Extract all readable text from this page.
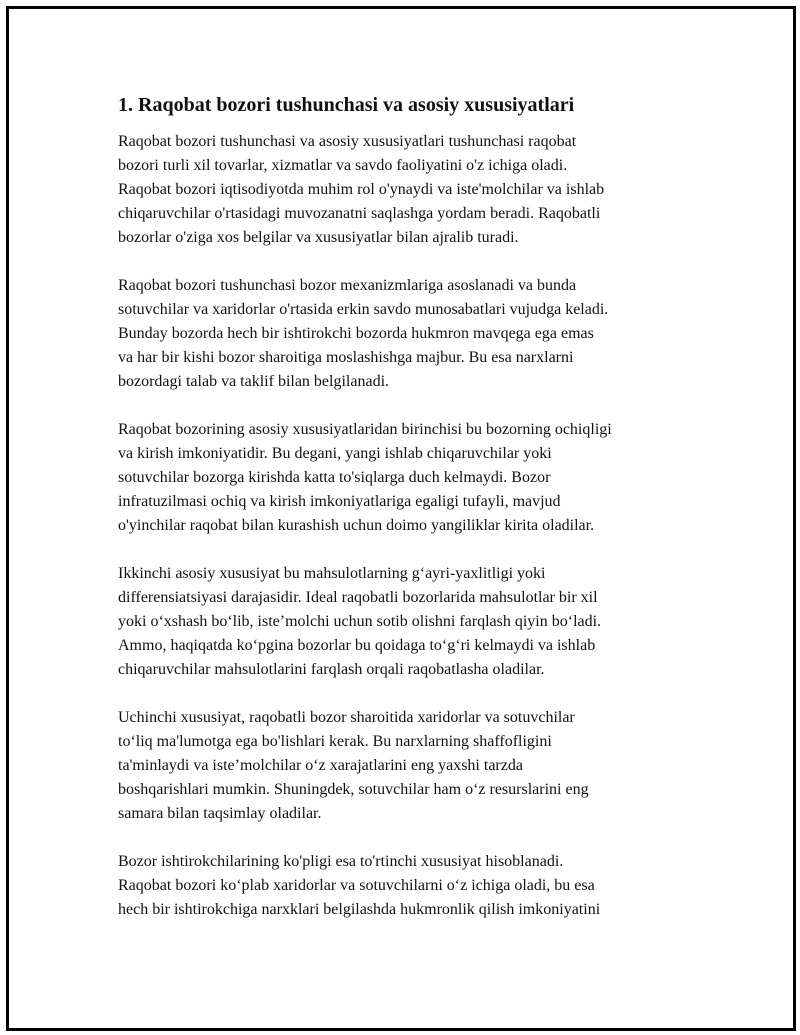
1. Raqobat bozori tushunchasi va asosiy xususiyatlari
Raqobat bozori tushunchasi va asosiy xususiyatlari tushunchasi raqobat
bozori turli xil tovarlar, xizmatlar va savdo faoliyatini o'z ichiga oladi.
Raqobat bozori iqtisodiyotda muhim rol o'ynaydi va iste'molchilar va ishlab
chiqaruvchilar o'rtasidagi muvozanatni saqlashga yordam beradi. Raqobatli
bozorlar o'ziga xos belgilar va xususiyatlar bilan ajralib turadi.
Raqobat bozori tushunchasi bozor mexanizmlariga asoslanadi va bunda
sotuvchilar va xaridorlar o'rtasida erkin savdo munosabatlari vujudga keladi.
Bunday bozorda hech bir ishtirokchi bozorda hukmron mavqega ega emas
va har bir kishi bozor sharoitiga moslashishga majbur. Bu esa narxlarni
bozordagi talab va taklif bilan belgilanadi.
Raqobat bozorining asosiy xususiyatlaridan birinchisi bu bozorning ochiqligi
va kirish imkoniyatidir. Bu degani, yangi ishlab chiqaruvchilar yoki
sotuvchilar bozorga kirishda katta to'siqlarga duch kelmaydi. Bozor
infratuzilmasi ochiq va kirish imkoniyatlariga egaligi tufayli, mavjud
o'yinchilar raqobat bilan kurashish uchun doimo yangiliklar kirita oladilar.
Ikkinchi asosiy xususiyat bu mahsulotlarning g‘ayri-yaxlitligi yoki
differensiatsiyasi darajasidir. Ideal raqobatli bozorlarida mahsulotlar bir xil
yoki o‘xshash bo‘lib, iste’molchi uchun sotib olishni farqlash qiyin bo‘ladi.
Ammo, haqiqatda ko‘pgina bozorlar bu qoidaga to‘g‘ri kelmaydi va ishlab
chiqaruvchilar mahsulotlarini farqlash orqali raqobatlasha oladilar.
Uchinchi xususiyat, raqobatli bozor sharoitida xaridorlar va sotuvchilar
to‘liq ma'lumotga ega bo'lishlari kerak. Bu narxlarning shaffofligini
ta'minlaydi va iste’molchilar o‘z xarajatlarini eng yaxshi tarzda
boshqarishlari mumkin. Shuningdek, sotuvchilar ham o‘z resurslarini eng
samara bilan taqsimlay oladilar.
Bozor ishtirokchilarining ko'pligi esa to'rtinchi xususiyat hisoblanadi.
Raqobat bozori ko‘plab xaridorlar va sotuvchilarni o‘z ichiga oladi, bu esa
hech bir ishtirokchiga narxklari belgilashda hukmronlik qilish imkoniyatini
